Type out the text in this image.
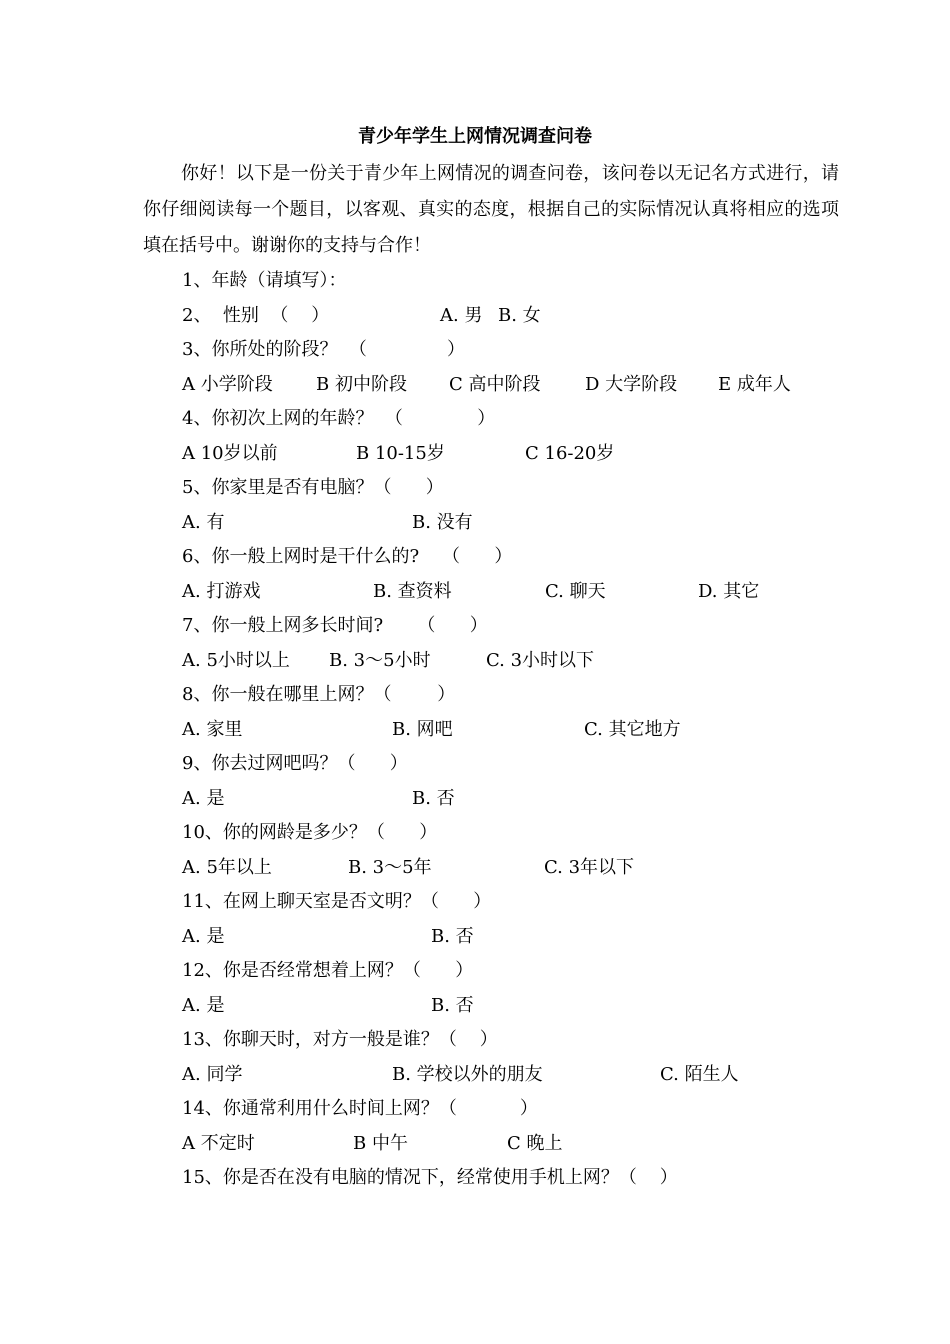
青少年学生上网情况调查问卷
你好！以下是一份关于青少年上网情况的调查问卷，该问卷以无记名方式进行，请你仔细阅读每一个题目，以客观、真实的态度，根据自己的实际情况认真将相应的选项填在括号中。谢谢你的支持与合作！
1、年龄（请填写）：
2、  性别  （    ）	A. 男 B. 女
3、你所处的阶段？  （              ）
A 小学阶段 B 初中阶段 C 高中阶段 D 大学阶段 E 成年人
4、你初次上网的年龄？  （             ）
A 10岁以前	B 10-15岁	C 16-20岁
5、你家里是否有电脑？（      ）
A. 有	B. 没有
6、你一般上网时是干什么的?    （      ）
A. 打游戏	B. 查资料	C. 聊天	D. 其它
7、你一般上网多长时间?      （      ）
A. 5小时以上 B. 3～5小时	C. 3小时以下
8、你一般在哪里上网？（        ）
A. 家里	B. 网吧	C. 其它地方
9、你去过网吧吗？（      ）
A. 是	B. 否
10、你的网龄是多少？（      ）
A. 5年以上	B. 3～5年	C. 3年以下
11、在网上聊天室是否文明？（      ）
A. 是	B. 否
12、你是否经常想着上网？（      ）
A. 是	B. 否
13、你聊天时，对方一般是谁？（    ）
A. 同学	B. 学校以外的朋友	C. 陌生人
14、你通常利用什么时间上网？（           ）
A 不定时	B 中午	C 晚上
15、你是否在没有电脑的情况下，经常使用手机上网？（    ）
